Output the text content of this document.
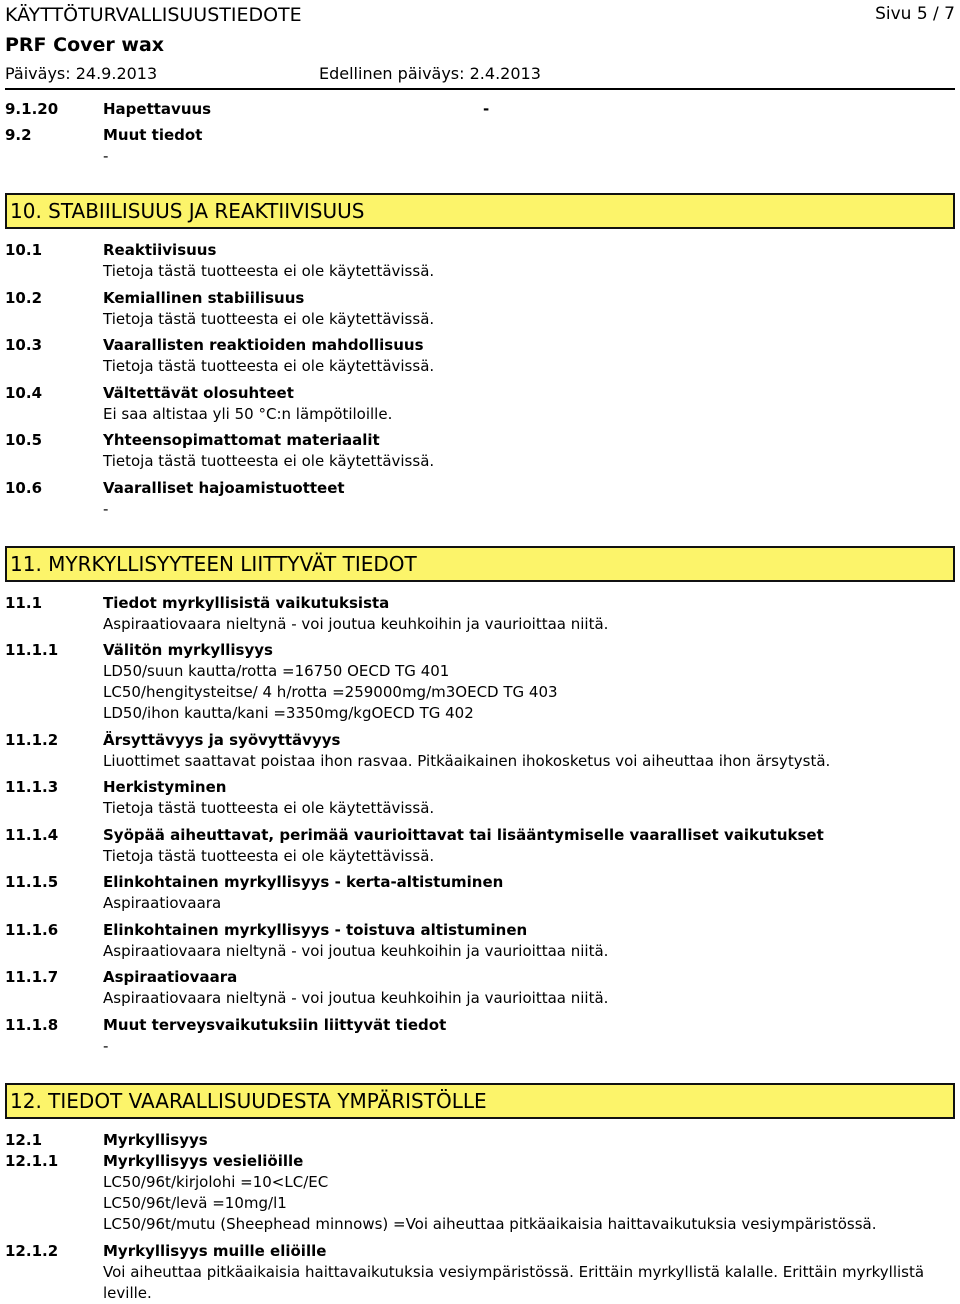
KÄYTTÖTURVALLISUUSTIEDOTE	Sivu 5 / 7
PRF Cover wax
Päiväys: 24.9.2013	Edellinen päiväys: 2.4.2013
9.1.20	Hapettavuus	-
9.2	Muut tiedot
-
10. STABIILISUUS JA REAKTIIVISUUS
10.1	Reaktiivisuus
Tietoja tästä tuotteesta ei ole käytettävissä.
10.2	Kemiallinen stabiilisuus
Tietoja tästä tuotteesta ei ole käytettävissä.
10.3	Vaarallisten reaktioiden mahdollisuus
Tietoja tästä tuotteesta ei ole käytettävissä.
10.4	Vältettävät olosuhteet
Ei saa altistaa yli 50 °C:n lämpötiloille.
10.5	Yhteensopimattomat materiaalit
Tietoja tästä tuotteesta ei ole käytettävissä.
10.6	Vaaralliset hajoamistuotteet
-
11. MYRKYLLISYYTEEN LIITTYVÄT TIEDOT
11.1	Tiedot myrkyllisistä vaikutuksista
Aspiraatiovaara nieltynä - voi joutua keuhkoihin ja vaurioittaa niitä.
11.1.1	Välitön myrkyllisyys
LD50/suun kautta/rotta =16750 OECD TG 401
LC50/hengitysteitse/ 4 h/rotta =259000mg/m3OECD TG 403
LD50/ihon kautta/kani =3350mg/kgOECD TG 402
11.1.2	Ärsyttävyys ja syövyttävyys
Liuottimet saattavat poistaa ihon rasvaa. Pitkäaikainen ihokosketus voi aiheuttaa ihon ärsytystä.
11.1.3	Herkistyminen
Tietoja tästä tuotteesta ei ole käytettävissä.
11.1.4	Syöpää aiheuttavat, perimää vaurioittavat tai lisääntymiselle vaaralliset vaikutukset
Tietoja tästä tuotteesta ei ole käytettävissä.
11.1.5	Elinkohtainen myrkyllisyys - kerta-altistuminen
Aspiraatiovaara
11.1.6	Elinkohtainen myrkyllisyys - toistuva altistuminen
Aspiraatiovaara nieltynä - voi joutua keuhkoihin ja vaurioittaa niitä.
11.1.7	Aspiraatiovaara
Aspiraatiovaara nieltynä - voi joutua keuhkoihin ja vaurioittaa niitä.
11.1.8	Muut terveysvaikutuksiin liittyvät tiedot
-
12. TIEDOT VAARALLISUUDESTA YMPÄRISTÖLLE
12.1	Myrkyllisyys
12.1.1	Myrkyllisyys vesieliöille
LC50/96t/kirjolohi =10<LC/EC
LC50/96t/levä =10mg/l1
LC50/96t/mutu (Sheephead minnows) =Voi aiheuttaa pitkäaikaisia haittavaikutuksia vesiympäristössä.
12.1.2	Myrkyllisyys muille eliöille
Voi aiheuttaa pitkäaikaisia haittavaikutuksia vesiympäristössä. Erittäin myrkyllistä kalalle. Erittäin myrkyllistä
leville.
